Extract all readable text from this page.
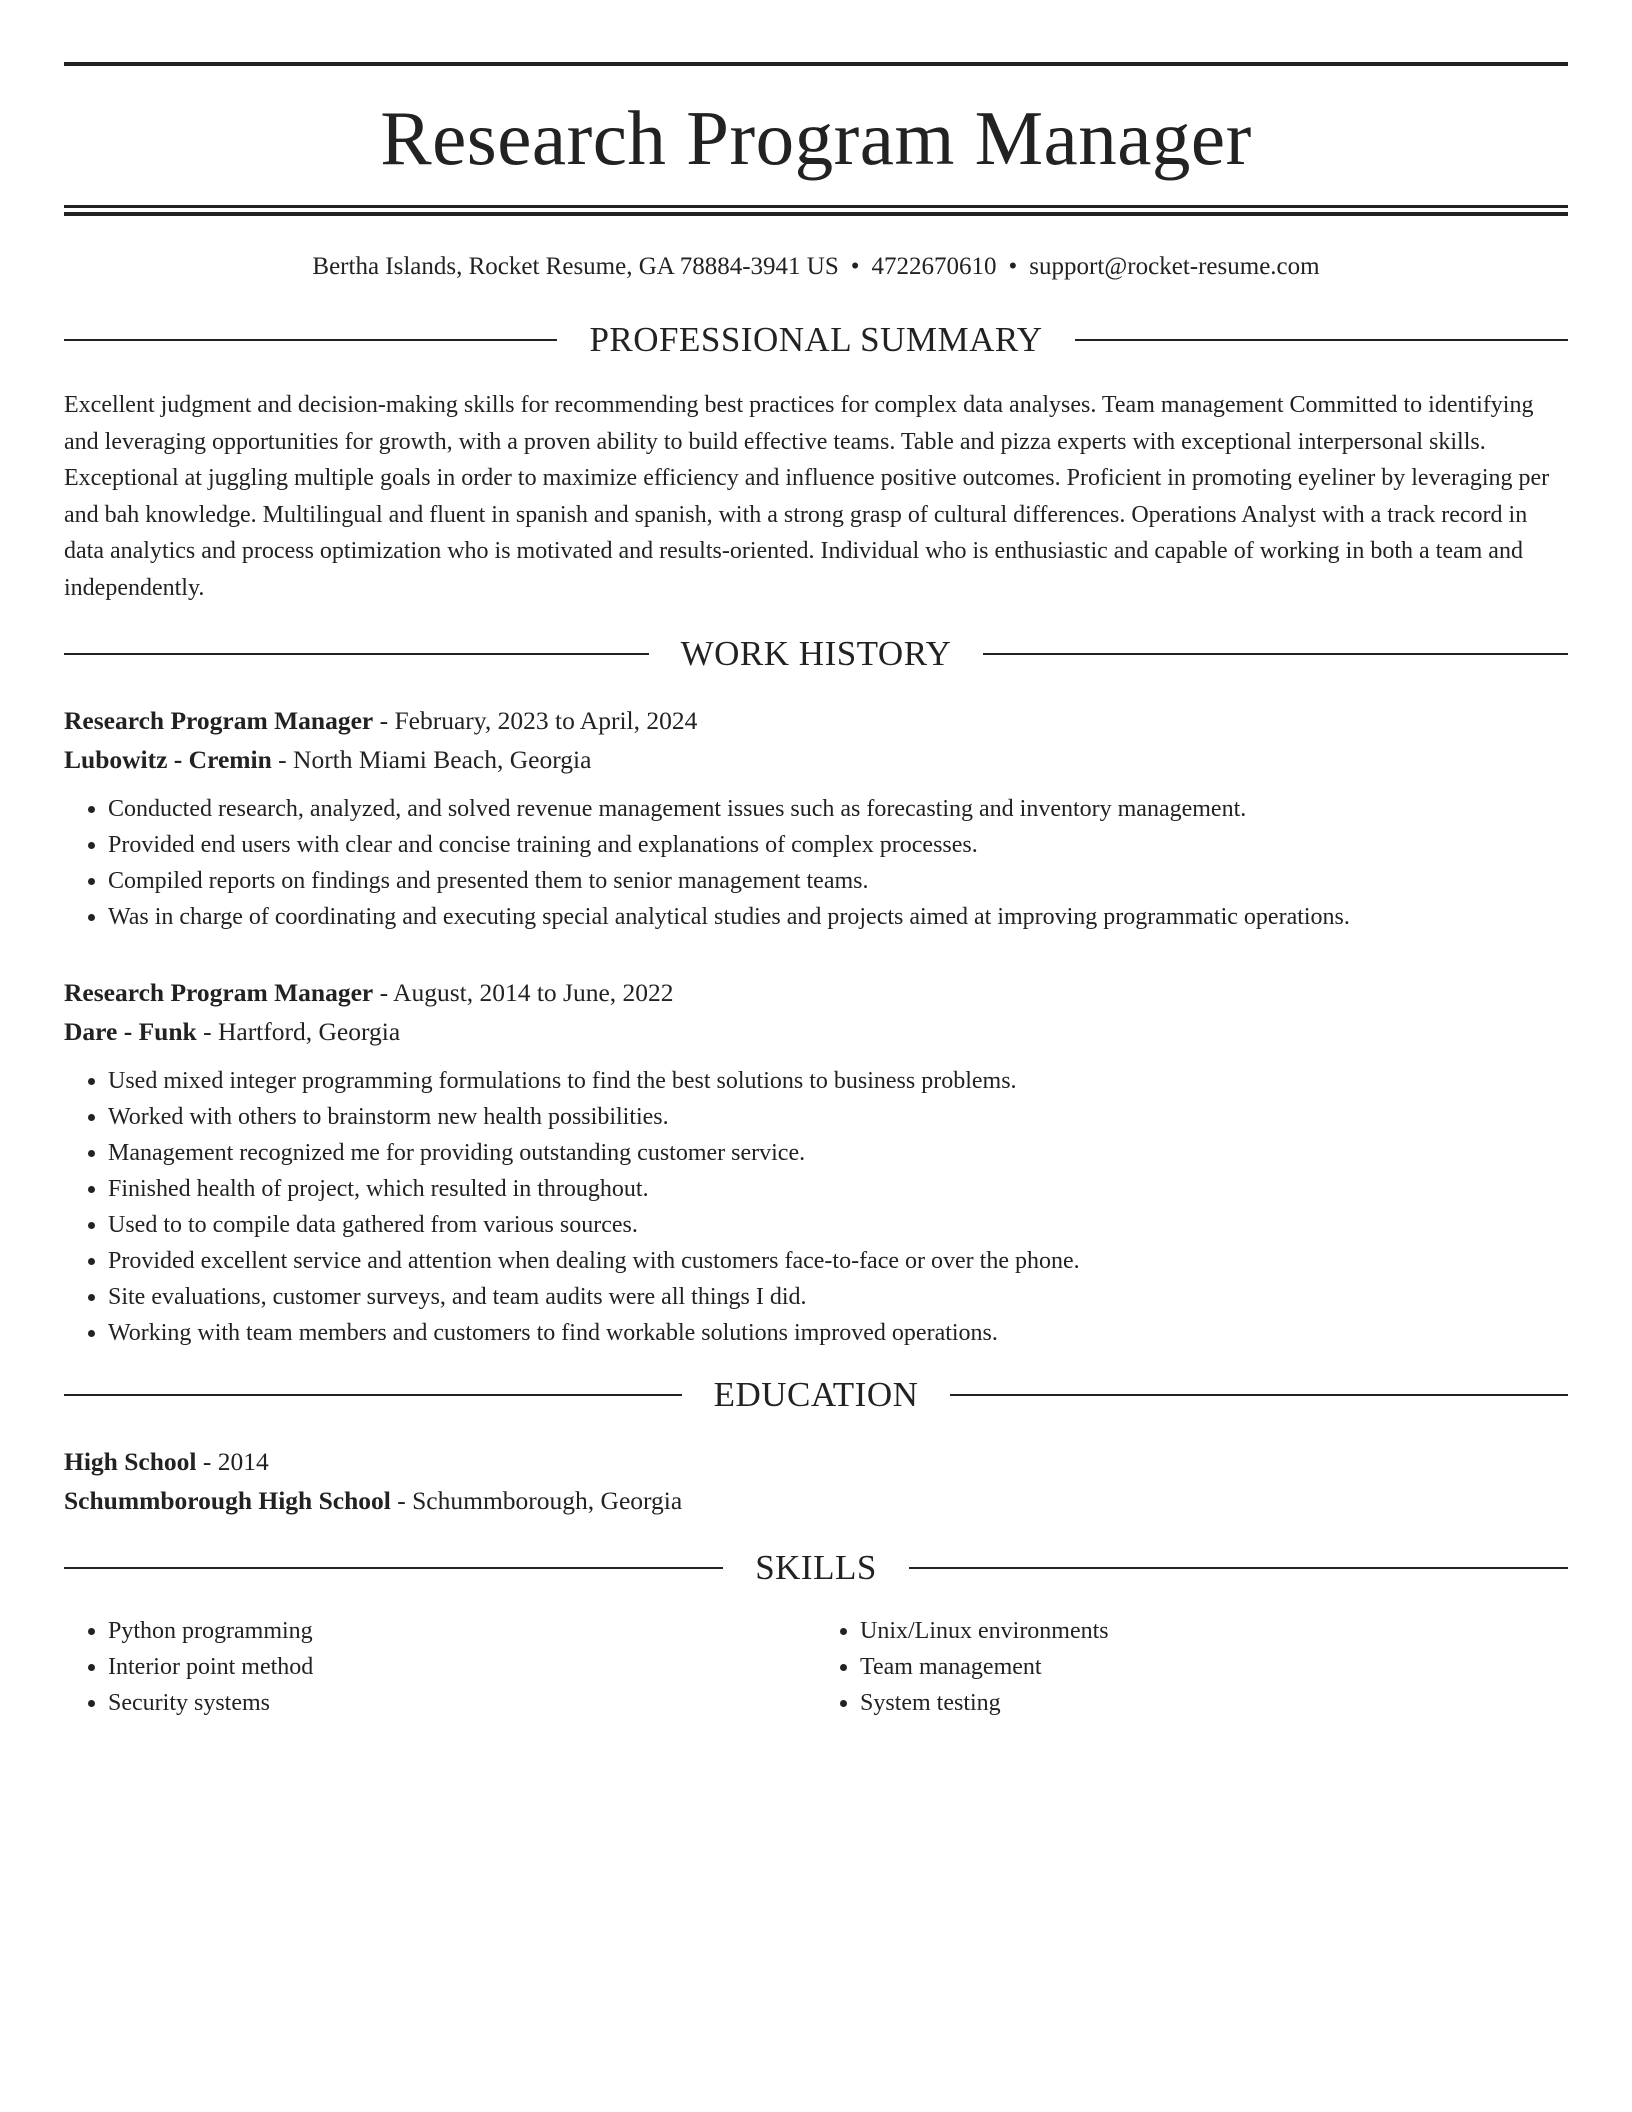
Research Program Manager
Bertha Islands, Rocket Resume, GA 78884-3941 US • 4722670610 • support@rocket-resume.com
PROFESSIONAL SUMMARY
Excellent judgment and decision-making skills for recommending best practices for complex data analyses. Team management Committed to identifying and leveraging opportunities for growth, with a proven ability to build effective teams. Table and pizza experts with exceptional interpersonal skills. Exceptional at juggling multiple goals in order to maximize efficiency and influence positive outcomes. Proficient in promoting eyeliner by leveraging per and bah knowledge. Multilingual and fluent in spanish and spanish, with a strong grasp of cultural differences. Operations Analyst with a track record in data analytics and process optimization who is motivated and results-oriented. Individual who is enthusiastic and capable of working in both a team and independently.
WORK HISTORY
Research Program Manager - February, 2023 to April, 2024
Lubowitz - Cremin - North Miami Beach, Georgia
• Conducted research, analyzed, and solved revenue management issues such as forecasting and inventory management.
• Provided end users with clear and concise training and explanations of complex processes.
• Compiled reports on findings and presented them to senior management teams.
• Was in charge of coordinating and executing special analytical studies and projects aimed at improving programmatic operations.
Research Program Manager - August, 2014 to June, 2022
Dare - Funk - Hartford, Georgia
• Used mixed integer programming formulations to find the best solutions to business problems.
• Worked with others to brainstorm new health possibilities.
• Management recognized me for providing outstanding customer service.
• Finished health of project, which resulted in throughout.
• Used to to compile data gathered from various sources.
• Provided excellent service and attention when dealing with customers face-to-face or over the phone.
• Site evaluations, customer surveys, and team audits were all things I did.
• Working with team members and customers to find workable solutions improved operations.
EDUCATION
High School - 2014
Schummborough High School - Schummborough, Georgia
SKILLS
• Python programming
• Interior point method
• Security systems
• Unix/Linux environments
• Team management
• System testing
